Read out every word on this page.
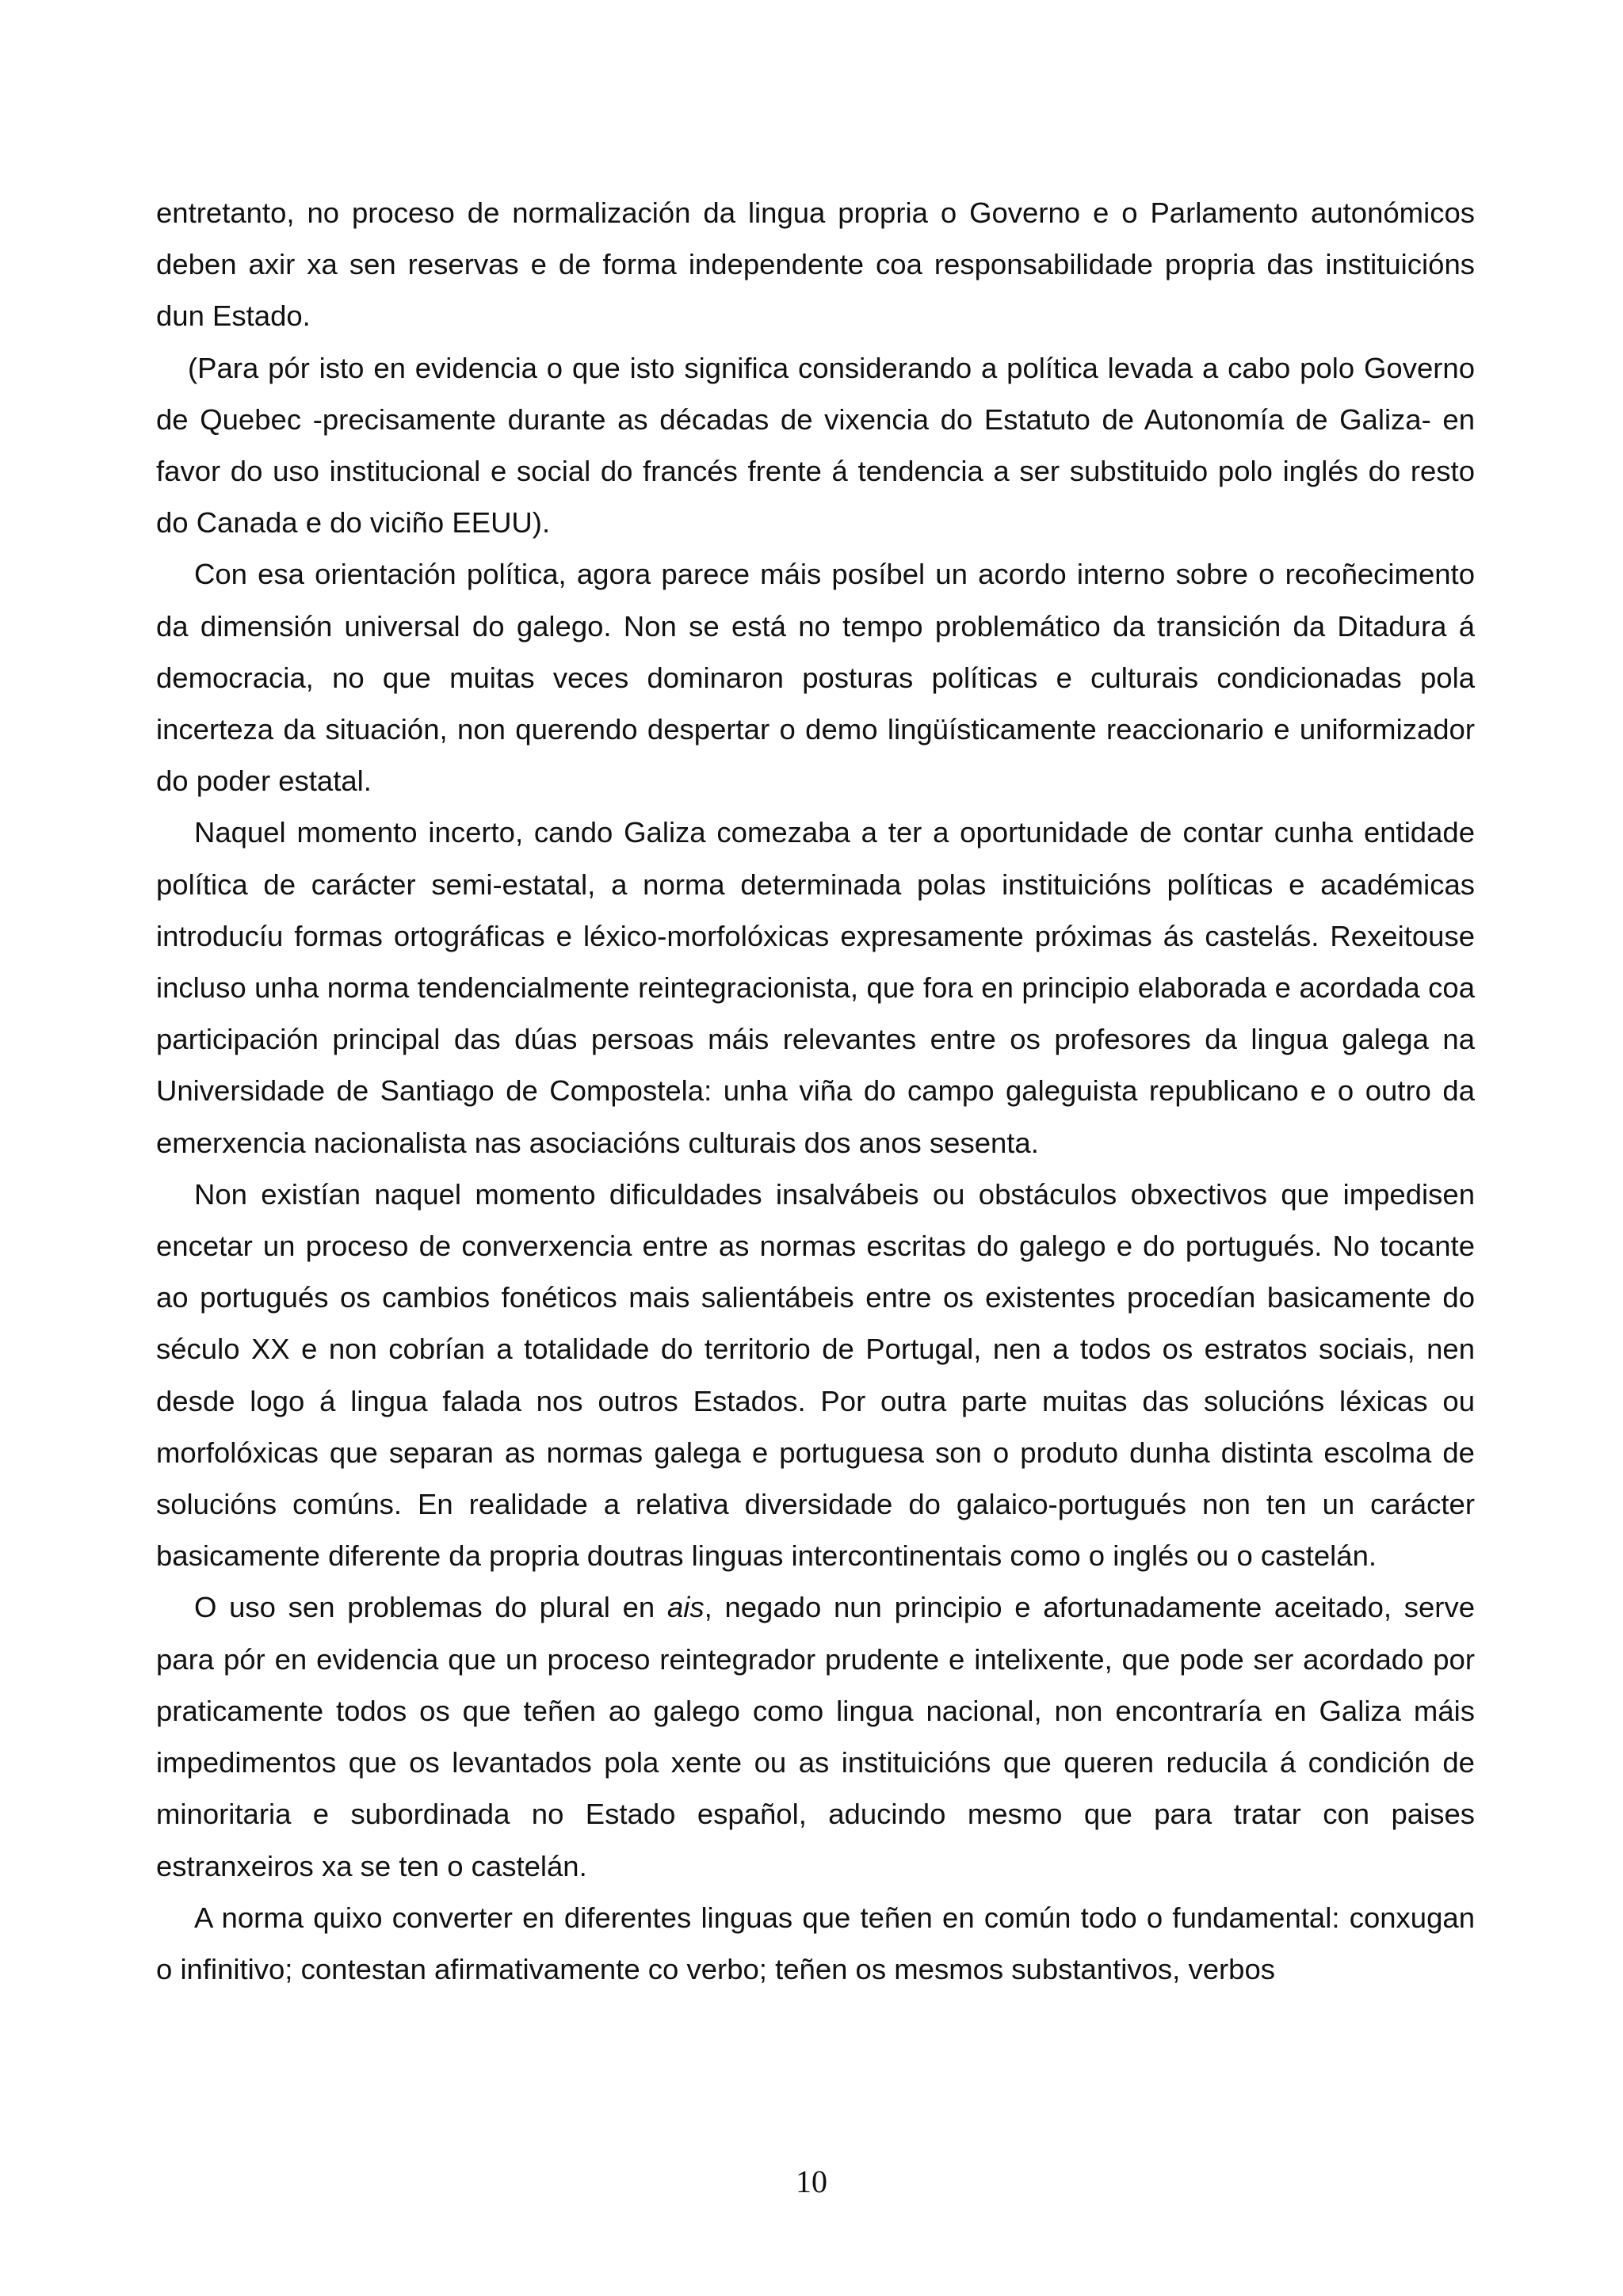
entretanto, no proceso de normalización da lingua propria o Governo e o Parlamento autonómicos deben axir xa sen reservas e de forma independente coa responsabilidade propria das instituicións dun Estado.

(Para pór isto en evidencia o que isto significa considerando a política levada a cabo polo Governo de Quebec -precisamente durante as décadas de vixencia do Estatuto de Autonomía de Galiza- en favor do uso institucional e social do francés frente á tendencia a ser substituido polo inglés do resto do Canada e do viciño EEUU).

Con esa orientación política, agora parece máis posíbel un acordo interno sobre o recoñecimento da dimensión universal do galego. Non se está no tempo problemático da transición da Ditadura á democracia, no que muitas veces dominaron posturas políticas e culturais condicionadas pola incerteza da situación, non querendo despertar o demo lingüísticamente reaccionario e uniformizador do poder estatal.

Naquel momento incerto, cando Galiza comezaba a ter a oportunidade de contar cunha entidade política de carácter semi-estatal, a norma determinada polas instituicións políticas e académicas introducíu formas ortográficas e léxico-morfolóxicas expresamente próximas ás castelás. Rexeitouse incluso unha norma tendencialmente reintegracionista, que fora en principio elaborada e acordada coa participación principal das dúas persoas máis relevantes entre os profesores da lingua galega na Universidade de Santiago de Compostela: unha viña do campo galeguista republicano e o outro da emerxencia nacionalista nas asociacións culturais dos anos sesenta.

Non existían naquel momento dificuldades insalvábeis ou obstáculos obxectivos que impedisen encetar un proceso de converxencia entre as normas escritas do galego e do portugués. No tocante ao portugués os cambios fonéticos mais salientábeis entre os existentes procedían basicamente do século XX e non cobrían a totalidade do territorio de Portugal, nen a todos os estratos sociais, nen desde logo á lingua falada nos outros Estados. Por outra parte muitas das solucións léxicas ou morfolóxicas que separan as normas galega e portuguesa son o produto dunha distinta escolma de solucións comúns. En realidade a relativa diversidade do galaico-portugués non ten un carácter basicamente diferente da propria doutras linguas intercontinentais como o inglés ou o castelán.

O uso sen problemas do plural en ais, negado nun principio e afortunadamente aceitado, serve para pór en evidencia que un proceso reintegrador prudente e intelixente, que pode ser acordado por praticamente todos os que teñen ao galego como lingua nacional, non encontraría en Galiza máis impedimentos que os levantados pola xente ou as instituicións que queren reducila á condición de minoritaria e subordinada no Estado español, aducindo mesmo que para tratar con paises estranxeiros xa se ten o castelán.

A norma quixo converter en diferentes linguas que teñen en común todo o fundamental: conxugan o infinitivo; contestan afirmativamente co verbo; teñen os mesmos substantivos, verbos

10
